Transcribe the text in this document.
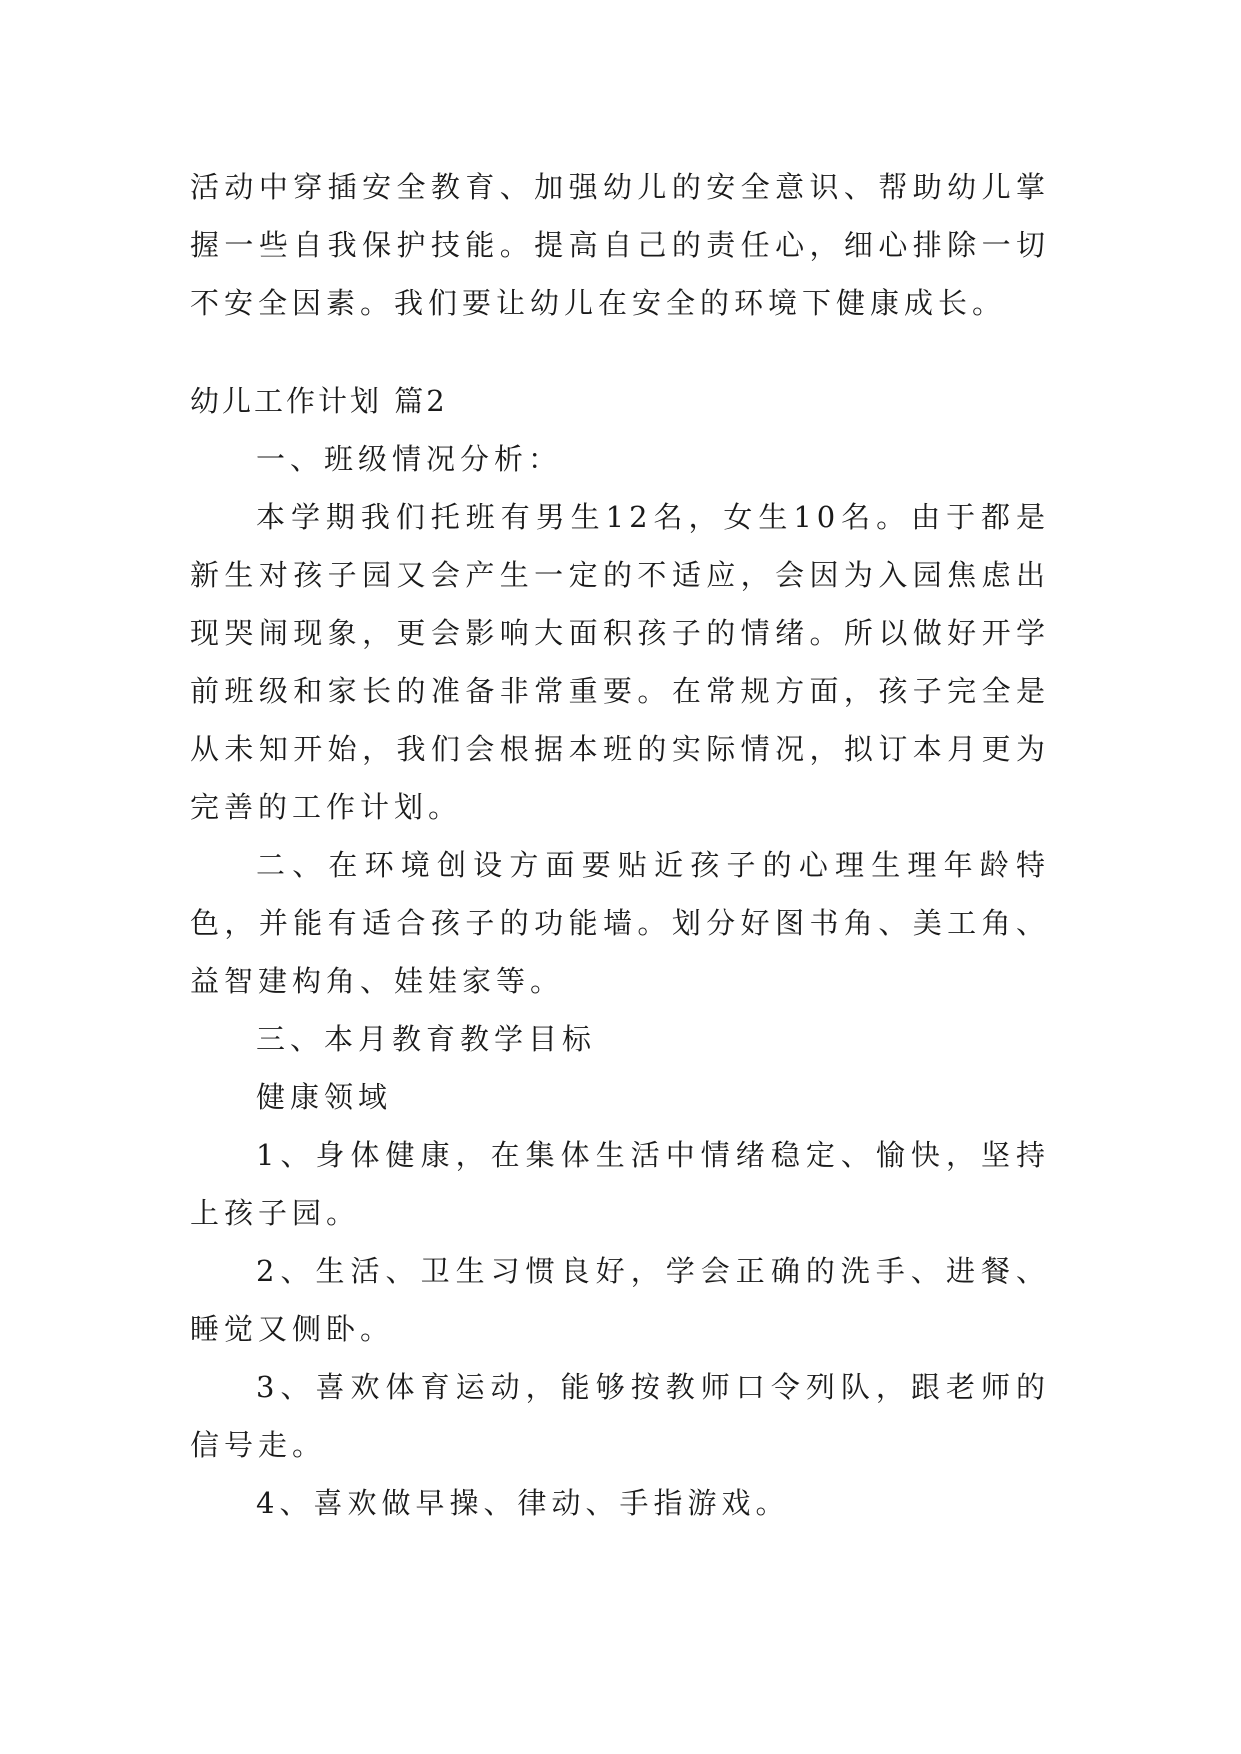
活动中穿插安全教育、加强幼儿的安全意识、帮助幼儿掌握一些自我保护技能。提高自己的责任心，细心排除一切不安全因素。我们要让幼儿在安全的环境下健康成长。

幼儿工作计划 篇2

一、班级情况分析：

本学期我们托班有男生12名，女生10名。由于都是新生对孩子园又会产生一定的不适应，会因为入园焦虑出现哭闹现象，更会影响大面积孩子的情绪。所以做好开学前班级和家长的准备非常重要。在常规方面，孩子完全是从未知开始，我们会根据本班的实际情况，拟订本月更为完善的工作计划。

二、在环境创设方面要贴近孩子的心理生理年龄特色，并能有适合孩子的功能墙。划分好图书角、美工角、益智建构角、娃娃家等。

三、本月教育教学目标

健康领域

1、身体健康，在集体生活中情绪稳定、愉快，坚持上孩子园。

2、生活、卫生习惯良好，学会正确的洗手、进餐、睡觉又侧卧。

3、喜欢体育运动，能够按教师口令列队，跟老师的信号走。

4、喜欢做早操、律动、手指游戏。
